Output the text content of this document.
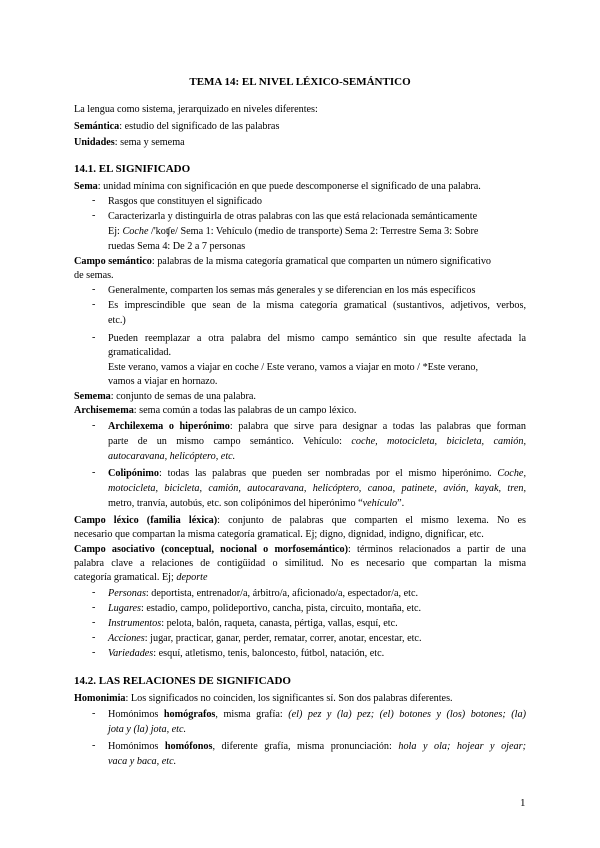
TEMA 14: EL NIVEL LÉXICO-SEMÁNTICO
La lengua como sistema, jerarquizado en niveles diferentes:
Semántica: estudio del significado de las palabras
Unidades: sema y semema
14.1. EL SIGNIFICADO
Sema: unidad mínima con significación en que puede descomponerse el significado de una palabra.
- Rasgos que constituyen el significado
- Caracterizarla y distinguirla de otras palabras con las que está relacionada semánticamente
Ej: Coche /'koʧe/ Sema 1: Vehículo (medio de transporte) Sema 2: Terrestre Sema 3: Sobre
ruedas Sema 4: De 2 a 7 personas
Campo semántico: palabras de la misma categoría gramatical que comparten un número significativo
de semas.
- Generalmente, comparten los semas más generales y se diferencian en los más específicos
- Es imprescindible que sean de la misma categoría gramatical (sustantivos, adjetivos, verbos,
etc.)
- Pueden reemplazar a otra palabra del mismo campo semántico sin que resulte afectada la
gramaticalidad.
Este verano, vamos a viajar en coche / Este verano, vamos a viajar en moto / *Este verano,
vamos a viajar en hornazo.
Semema: conjunto de semas de una palabra.
Archisemema: sema común a todas las palabras de un campo léxico.
- Archilexema o hiperónimo: palabra que sirve para designar a todas las palabras que forman
parte de un mismo campo semántico. Vehículo: coche, motocicleta, bicicleta, camión,
autocaravana, helicóptero, etc.
- Colipónimo: todas las palabras que pueden ser nombradas por el mismo hiperónimo. Coche,
motocicleta, bicicleta, camión, autocaravana, helicóptero, canoa, patinete, avión, kayak, tren,
metro, tranvía, autobús, etc. son colipónimos del hiperónimo “vehículo”.
Campo léxico (familia léxica): conjunto de palabras que comparten el mismo lexema. No es
necesario que compartan la misma categoría gramatical. Ej; digno, dignidad, indigno, dignificar, etc.
Campo asociativo (conceptual, nocional o morfosemántico): términos relacionados a partir de una
palabra clave a relaciones de contigüidad o similitud. No es necesario que compartan la misma
categoría gramatical. Ej; deporte
- Personas: deportista, entrenador/a, árbitro/a, aficionado/a, espectador/a, etc.
- Lugares: estadio, campo, polideportivo, cancha, pista, circuito, montaña, etc.
- Instrumentos: pelota, balón, raqueta, canasta, pértiga, vallas, esquí, etc.
- Acciones: jugar, practicar, ganar, perder, rematar, correr, anotar, encestar, etc.
- Variedades: esquí, atletismo, tenis, baloncesto, fútbol, natación, etc.
14.2. LAS RELACIONES DE SIGNIFICADO
Homonimia: Los significados no coinciden, los significantes sí. Son dos palabras diferentes.
- Homónimos homógrafos, misma grafía: (el) pez y (la) pez; (el) botones y (los) botones; (la)
jota y (la) jota, etc.
- Homónimos homófonos, diferente grafía, misma pronunciación: hola y ola; hojear y ojear;
vaca y baca, etc.
1
